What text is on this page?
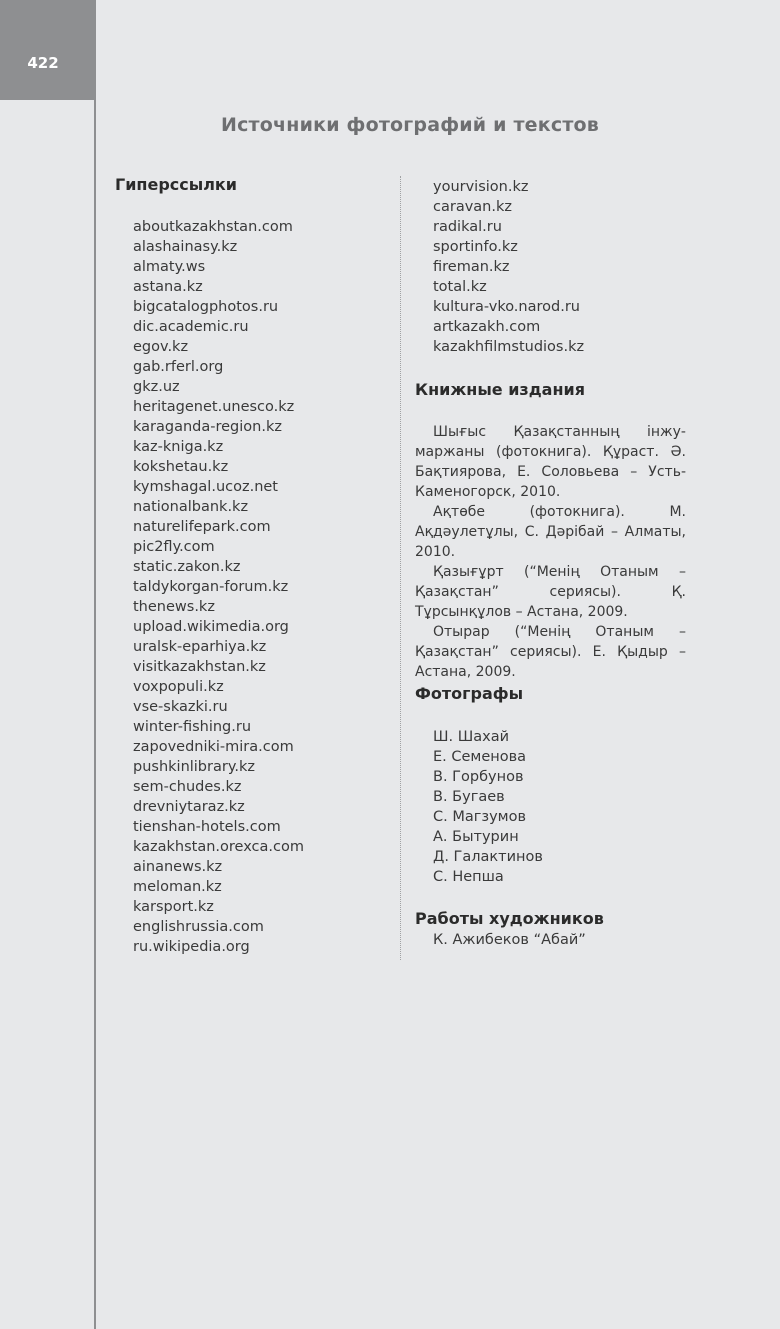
422
Источники фотографий и текстов
Гиперссылки
aboutkazakhstan.com
alashainasy.kz
almaty.ws
astana.kz
bigcatalogphotos.ru
dic.academic.ru
egov.kz
gab.rferl.org
gkz.uz
heritagenet.unesco.kz
karaganda-region.kz
kaz-kniga.kz
kokshetau.kz
kymshagal.ucoz.net
nationalbank.kz
naturelifepark.com
pic2fly.com
static.zakon.kz
taldykorgan-forum.kz
thenews.kz
upload.wikimedia.org
uralsk-eparhiya.kz
visitkazakhstan.kz
voxpopuli.kz
vse-skazki.ru
winter-fishing.ru
zapovedniki-mira.com
pushkinlibrary.kz
sem-chudes.kz
drevniytaraz.kz
tienshan-hotels.com
kazakhstan.orexca.com
ainanews.kz
meloman.kz
karsport.kz
englishrussia.com
ru.wikipedia.org
yourvision.kz
caravan.kz
radikal.ru
sportinfo.kz
fireman.kz
total.kz
kultura-vko.narod.ru
artkazakh.com
kazakhfilmstudios.kz
Книжные издания

Шығыс Қазақстанның інжу-маржаны (фотокнига). Құраст. Ә. Бақтиярова, Е. Соловьева – Усть-Каменогорск, 2010.

Ақтөбе (фотокнига). М. Ақдәулетұлы, С. Дәрібай – Алматы, 2010.

Қазығұрт (“Менің Отаным – Қазақстан” сериясы). Қ. Тұрсынқұлов – Астана, 2009.

Отырар (“Менің Отаным – Қазақстан” сериясы). Е. Қыдыр – Астана, 2009.

Фотографы
Ш. Шахай
Е. Семенова
В. Горбунов
В. Бугаев
С. Магзумов
А. Бытурин
Д. Галактинов
С. Непша
Работы художников
К. Ажибеков “Абай”
